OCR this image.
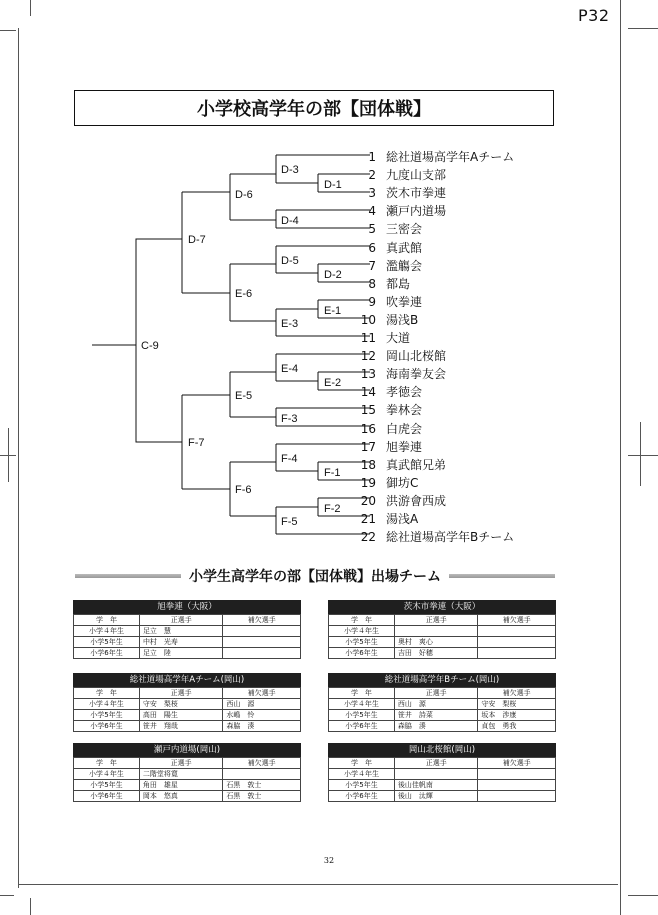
P32
小学校高学年の部【団体戦】
C-9
D-7
F-7
D-6
E-6
E-5
F-6
D-3
D-4
D-5
E-3
E-4
F-3
F-4
F-5
D-1
D-2
E-1
E-2
F-1
F-2
1 総社道場高学年Aチーム
2 九度山支部
3 茨木市拳連
4 瀬戸内道場
5 三密会
6 真武館
7 濫觴会
8 都島
9 吹拳連
10 湯浅B
11 大道
12 岡山北桜館
13 海南拳友会
14 孝徳会
15 拳林会
16 白虎会
17 旭拳連
18 真武館兄弟
19 御坊C
20 洪游會西成
21 湯浅A
22 総社道場高学年Bチーム
小学生高学年の部【団体戦】出場チーム
旭拳連（大阪）
学　年	正選手	補欠選手
小学４年生	足立　慧	
小学5年生	中村　光寿	
小学6年生	足立　陸	
茨木市拳連（大阪）
学　年	正選手	補欠選手
小学４年生		
小学5年生	奥村　爽心	
小学6年生	吉田　好穂	
総社道場高学年Aチーム(岡山)
学　年	正選手	補欠選手
小学４年生	守安　梨桜	西山　源
小学5年生	高田　陽生	水嶋　怜
小学6年生	笹井　翔哉	森脇　湊
総社道場高学年Bチーム(岡山)
学　年	正選手	補欠選手
小学４年生	西山　源	守安　梨桜
小学5年生	笹井　詩菜	坂本　渉康
小学6年生	森脇　湊	貞包　勇我
瀬戸内道場(岡山)
学　年	正選手	補欠選手
小学４年生	二階堂将寛	
小学5年生	角田　雄星	石黒　敦士
小学6年生	岡本　悠真	石黒　敦士
岡山北桜館(岡山)
学　年	正選手	補欠選手
小学４年生		
小学5年生	後山佳帆南	
小学6年生	後山　汰輝	
32
